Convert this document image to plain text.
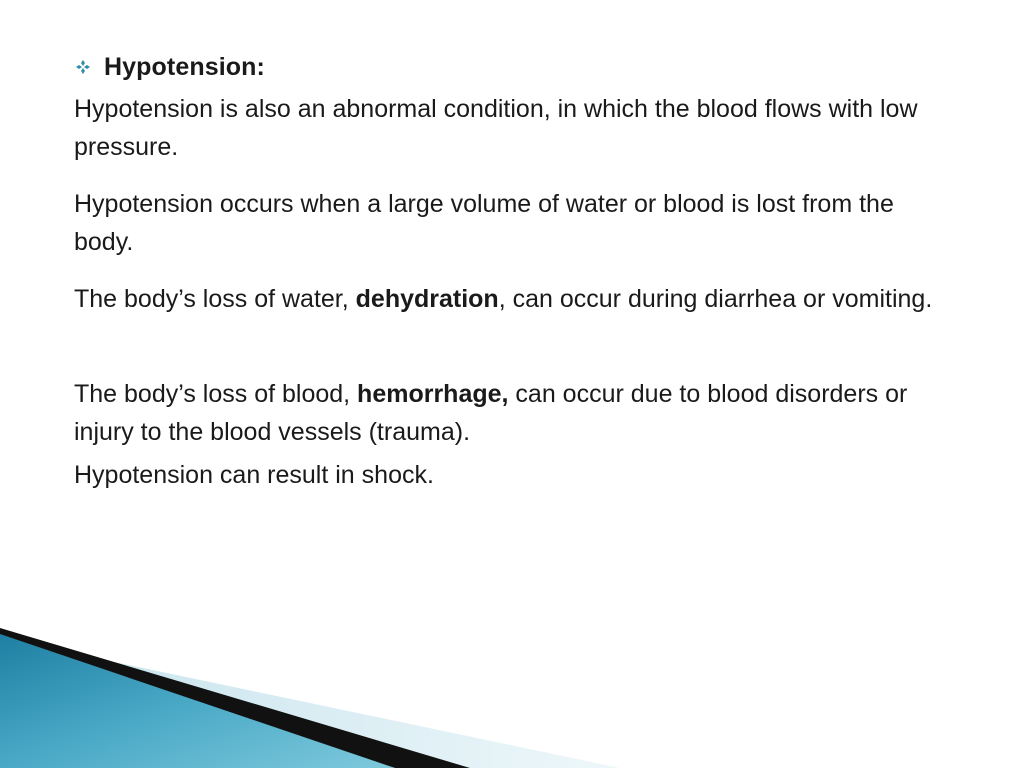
Hypotension:

Hypotension is also an abnormal condition, in which the blood flows with low pressure.

Hypotension occurs when a large volume of water or blood is lost from the body.

The body’s loss of water, dehydration, can occur during diarrhea or vomiting.

The body’s loss of blood, hemorrhage, can occur due to blood disorders or injury to the blood vessels (trauma).

Hypotension can result in shock.
